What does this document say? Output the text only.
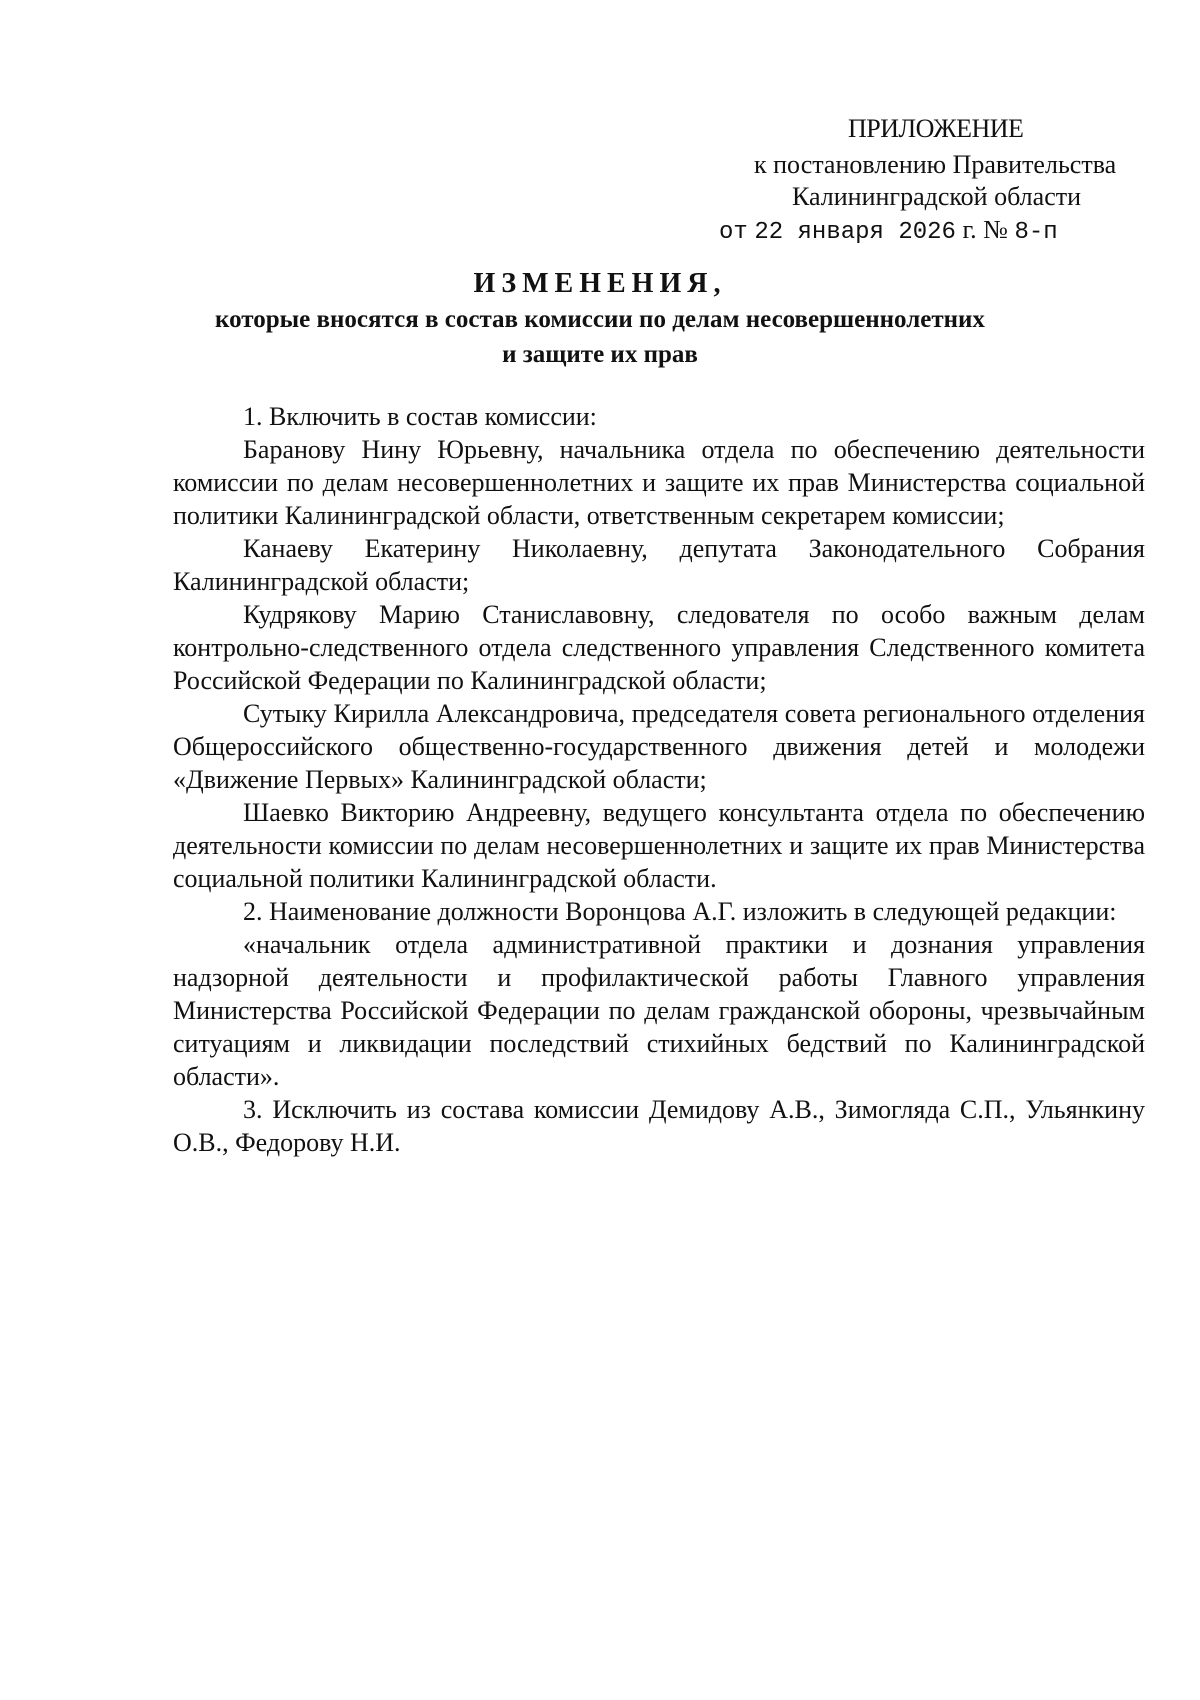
ПРИЛОЖЕНИЕ
к постановлению Правительства
Калининградской области
от 22 января 2026 г. № 8-п
ИЗМЕНЕНИЯ,
которые вносятся в состав комиссии по делам несовершеннолетних
и защите их прав

1. Включить в состав комиссии:

Баранову Нину Юрьевну, начальника отдела по обеспечению деятельности комиссии по делам несовершеннолетних и защите их прав Министерства социальной политики Калининградской области, ответственным секретарем комиссии;

Канаеву Екатерину Николаевну, депутата Законодательного Собрания Калининградской области;

Кудрякову Марию Станиславовну, следователя по особо важным делам контрольно-следственного отдела следственного управления Следственного комитета Российской Федерации по Калининградской области;

Сутыку Кирилла Александровича, председателя совета регионального отделения Общероссийского общественно-государственного движения детей и молодежи «Движение Первых» Калининградской области;

Шаевко Викторию Андреевну, ведущего консультанта отдела по обеспечению деятельности комиссии по делам несовершеннолетних и защите их прав Министерства социальной политики Калининградской области.

2. Наименование должности Воронцова А.Г. изложить в следующей редакции:

«начальник отдела административной практики и дознания управления надзорной деятельности и профилактической работы Главного управления Министерства Российской Федерации по делам гражданской обороны, чрезвычайным ситуациям и ликвидации последствий стихийных бедствий по Калининградской области».

3. Исключить из состава комиссии Демидову А.В., Зимогляда С.П., Ульянкину О.В., Федорову Н.И.
